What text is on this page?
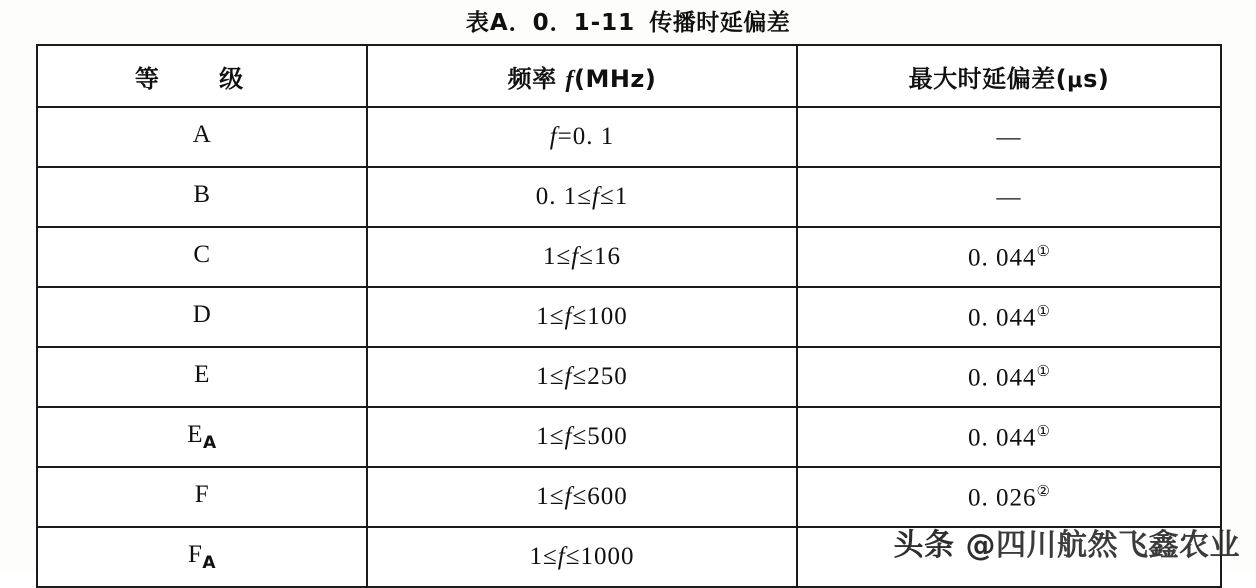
表A．0．1-11 传播时延偏差
等 级	频率 f(MHz)	最大时延偏差(μs)
A	f=0. 1	—
B	0. 1≤f≤1	—
C	1≤f≤16	0. 044①
D	1≤f≤100	0. 044①
E	1≤f≤250	0. 044①
$E_A$	1≤f≤500	0. 044①
F	1≤f≤600	0. 026②
$F_A$	1≤f≤1000		头条 @四川航然飞鑫农业
